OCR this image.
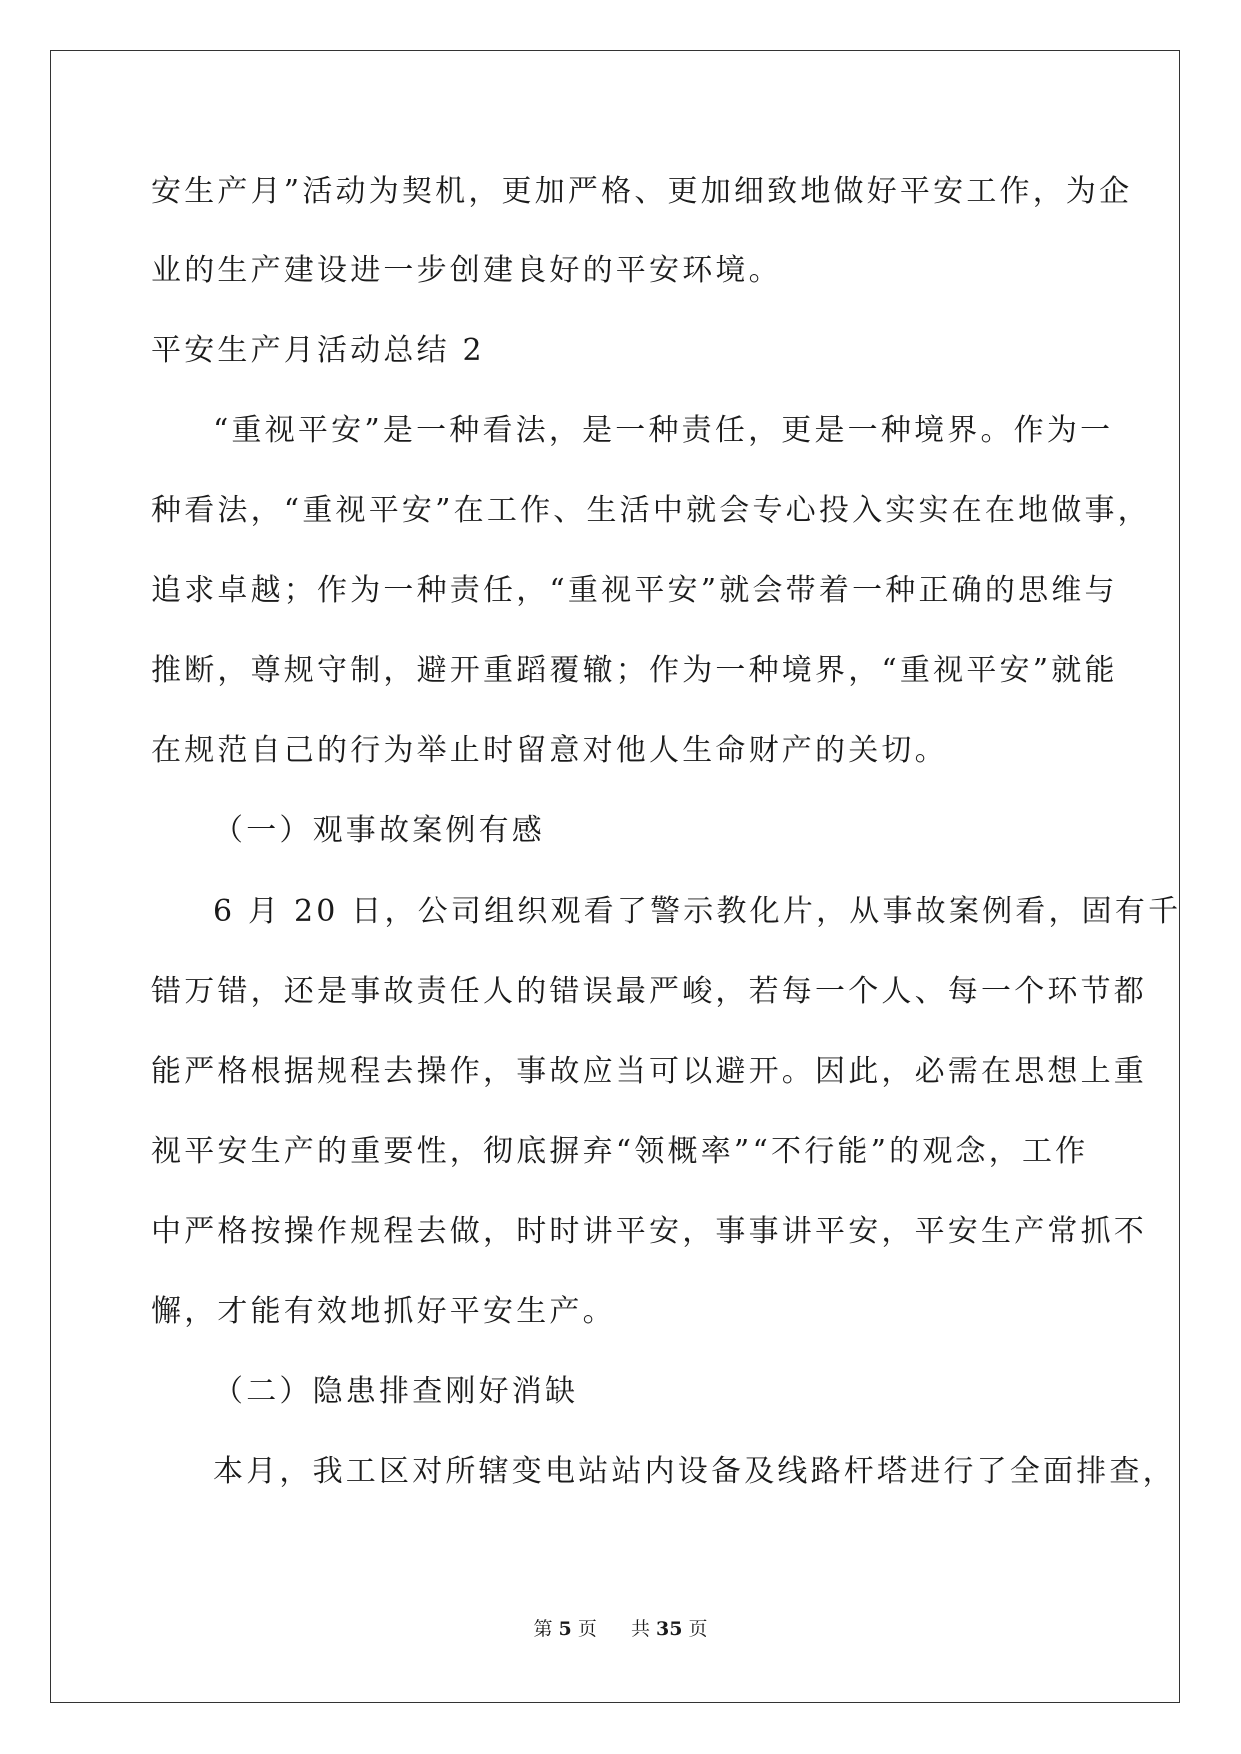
安生产月”活动为契机，更加严格、更加细致地做好平安工作，为企
业的生产建设进一步创建良好的平安环境。
平安生产月活动总结 2
“重视平安”是一种看法，是一种责任，更是一种境界。作为一
种看法，“重视平安”在工作、生活中就会专心投入实实在在地做事，
追求卓越；作为一种责任，“重视平安”就会带着一种正确的思维与
推断，尊规守制，避开重蹈覆辙；作为一种境界，“重视平安”就能
在规范自己的行为举止时留意对他人生命财产的关切。
（一）观事故案例有感
6 月 20 日，公司组织观看了警示教化片，从事故案例看，固有千
错万错，还是事故责任人的错误最严峻，若每一个人、每一个环节都
能严格根据规程去操作，事故应当可以避开。因此，必需在思想上重
视平安生产的重要性，彻底摒弃“领概率”“不行能”的观念，工作
中严格按操作规程去做，时时讲平安，事事讲平安，平安生产常抓不
懈，才能有效地抓好平安生产。
（二）隐患排查刚好消缺
本月，我工区对所辖变电站站内设备及线路杆塔进行了全面排查，
第 5 页 共 35 页
